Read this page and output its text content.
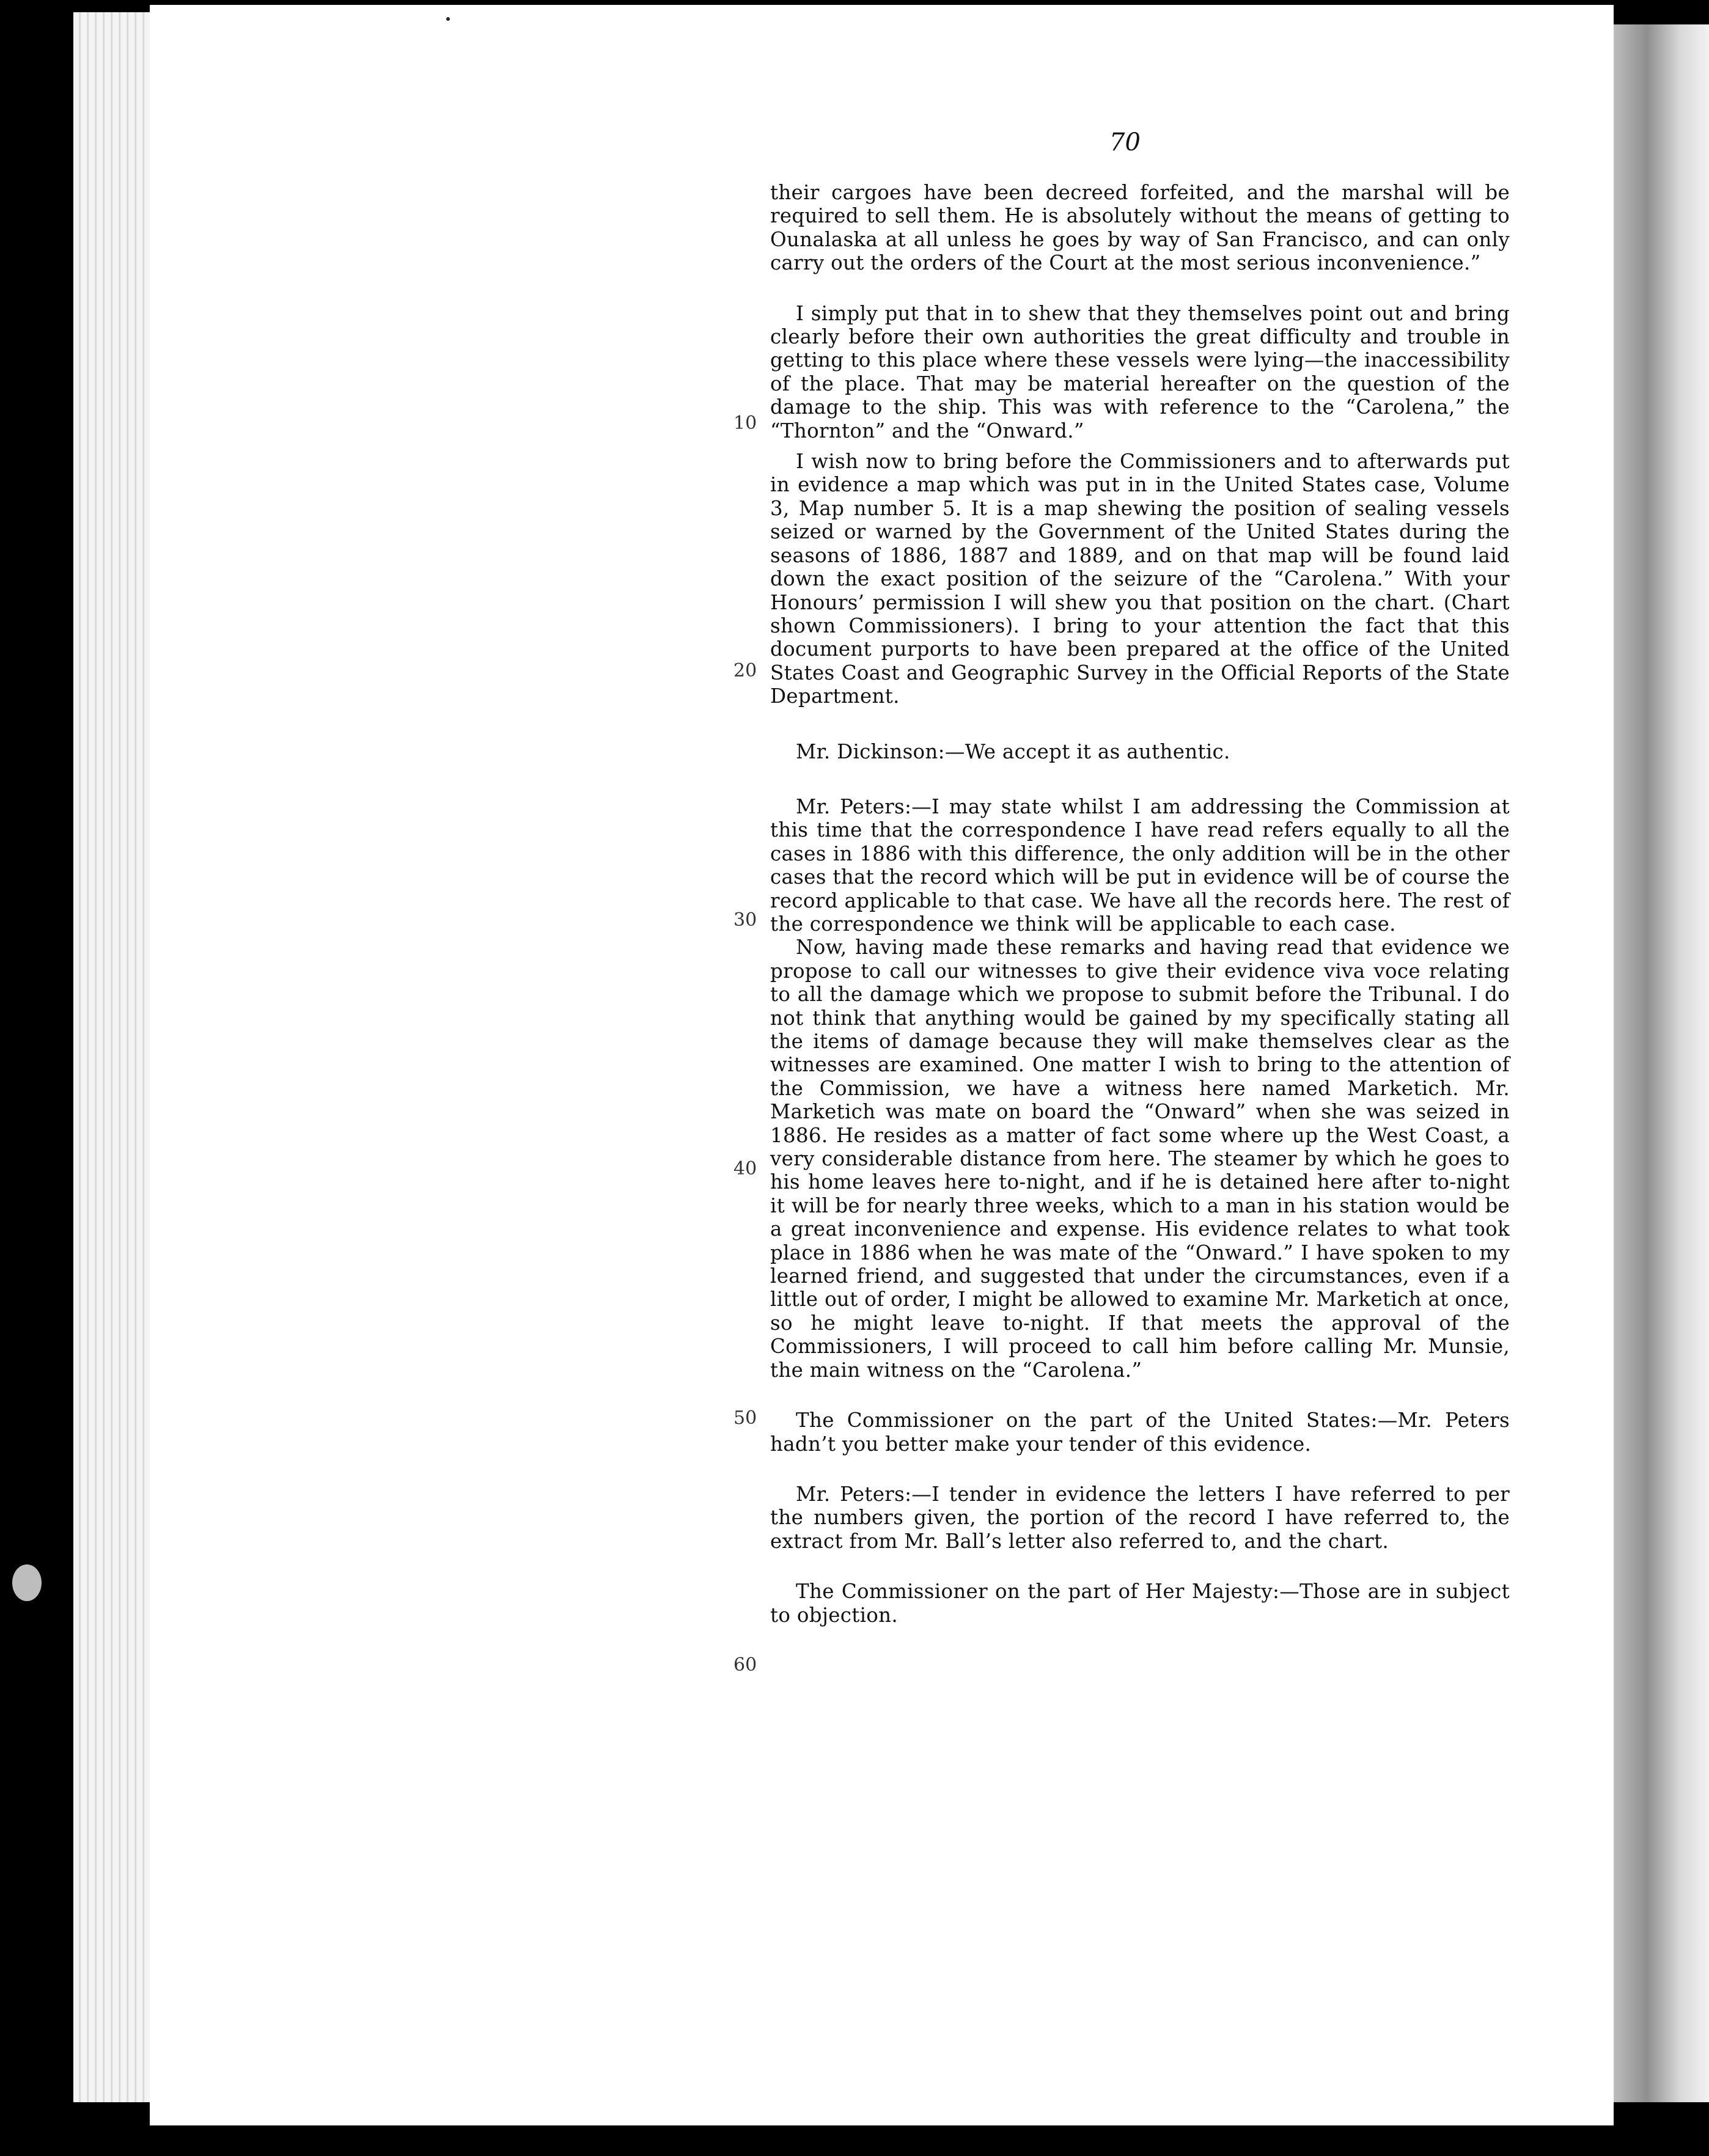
70
10
20
30
40
50
60

their cargoes have been decreed forfeited, and the marshal will be required to sell them. He is absolutely without the means of getting to Ounalaska at all unless he goes by way of San Francisco, and can only carry out the orders of the Court at the most serious inconvenience.”

I simply put that in to shew that they themselves point out and bring clearly before their own authorities the great difficulty and trouble in getting to this place where these vessels were lying—the inaccessibility of the place. That may be material hereafter on the question of the damage to the ship. This was with reference to the “Carolena,” the “Thornton” and the “Onward.”

I wish now to bring before the Commissioners and to afterwards put in evidence a map which was put in in the United States case, Volume 3, Map number 5. It is a map shewing the position of sealing vessels seized or warned by the Government of the United States during the seasons of 1886, 1887 and 1889, and on that map will be found laid down the exact position of the seizure of the “Carolena.” With your Honours’ permission I will shew you that position on the chart. (Chart shown Commissioners). I bring to your attention the fact that this document purports to have been prepared at the office of the United States Coast and Geographic Survey in the Official Reports of the State Department.

Mr. Dickinson:—We accept it as authentic.

Mr. Peters:—I may state whilst I am addressing the Commission at this time that the correspondence I have read refers equally to all the cases in 1886 with this difference, the only addition will be in the other cases that the record which will be put in evidence will be of course the record applicable to that case. We have all the records here. The rest of the correspondence we think will be applicable to each case.

Now, having made these remarks and having read that evidence we propose to call our witnesses to give their evidence viva voce relating to all the damage which we propose to submit before the Tribunal. I do not think that anything would be gained by my specifically stating all the items of damage because they will make themselves clear as the witnesses are examined. One matter I wish to bring to the attention of the Commission, we have a witness here named Marketich. Mr. Marketich was mate on board the “Onward” when she was seized in 1886. He resides as a matter of fact some where up the West Coast, a very considerable distance from here. The steamer by which he goes to his home leaves here to-night, and if he is detained here after to-night it will be for nearly three weeks, which to a man in his station would be a great inconvenience and expense. His evidence relates to what took place in 1886 when he was mate of the “Onward.” I have spoken to my learned friend, and suggested that under the circumstances, even if a little out of order, I might be allowed to examine Mr. Marketich at once, so he might leave to-night. If that meets the approval of the Commissioners, I will proceed to call him before calling Mr. Munsie, the main witness on the “Carolena.”

The Commissioner on the part of the United States:—Mr. Peters hadn’t you better make your tender of this evidence.

Mr. Peters:—I tender in evidence the letters I have referred to per the numbers given, the portion of the record I have referred to, the extract from Mr. Ball’s letter also referred to, and the chart.

The Commissioner on the part of Her Majesty:—Those are in subject to objection.
